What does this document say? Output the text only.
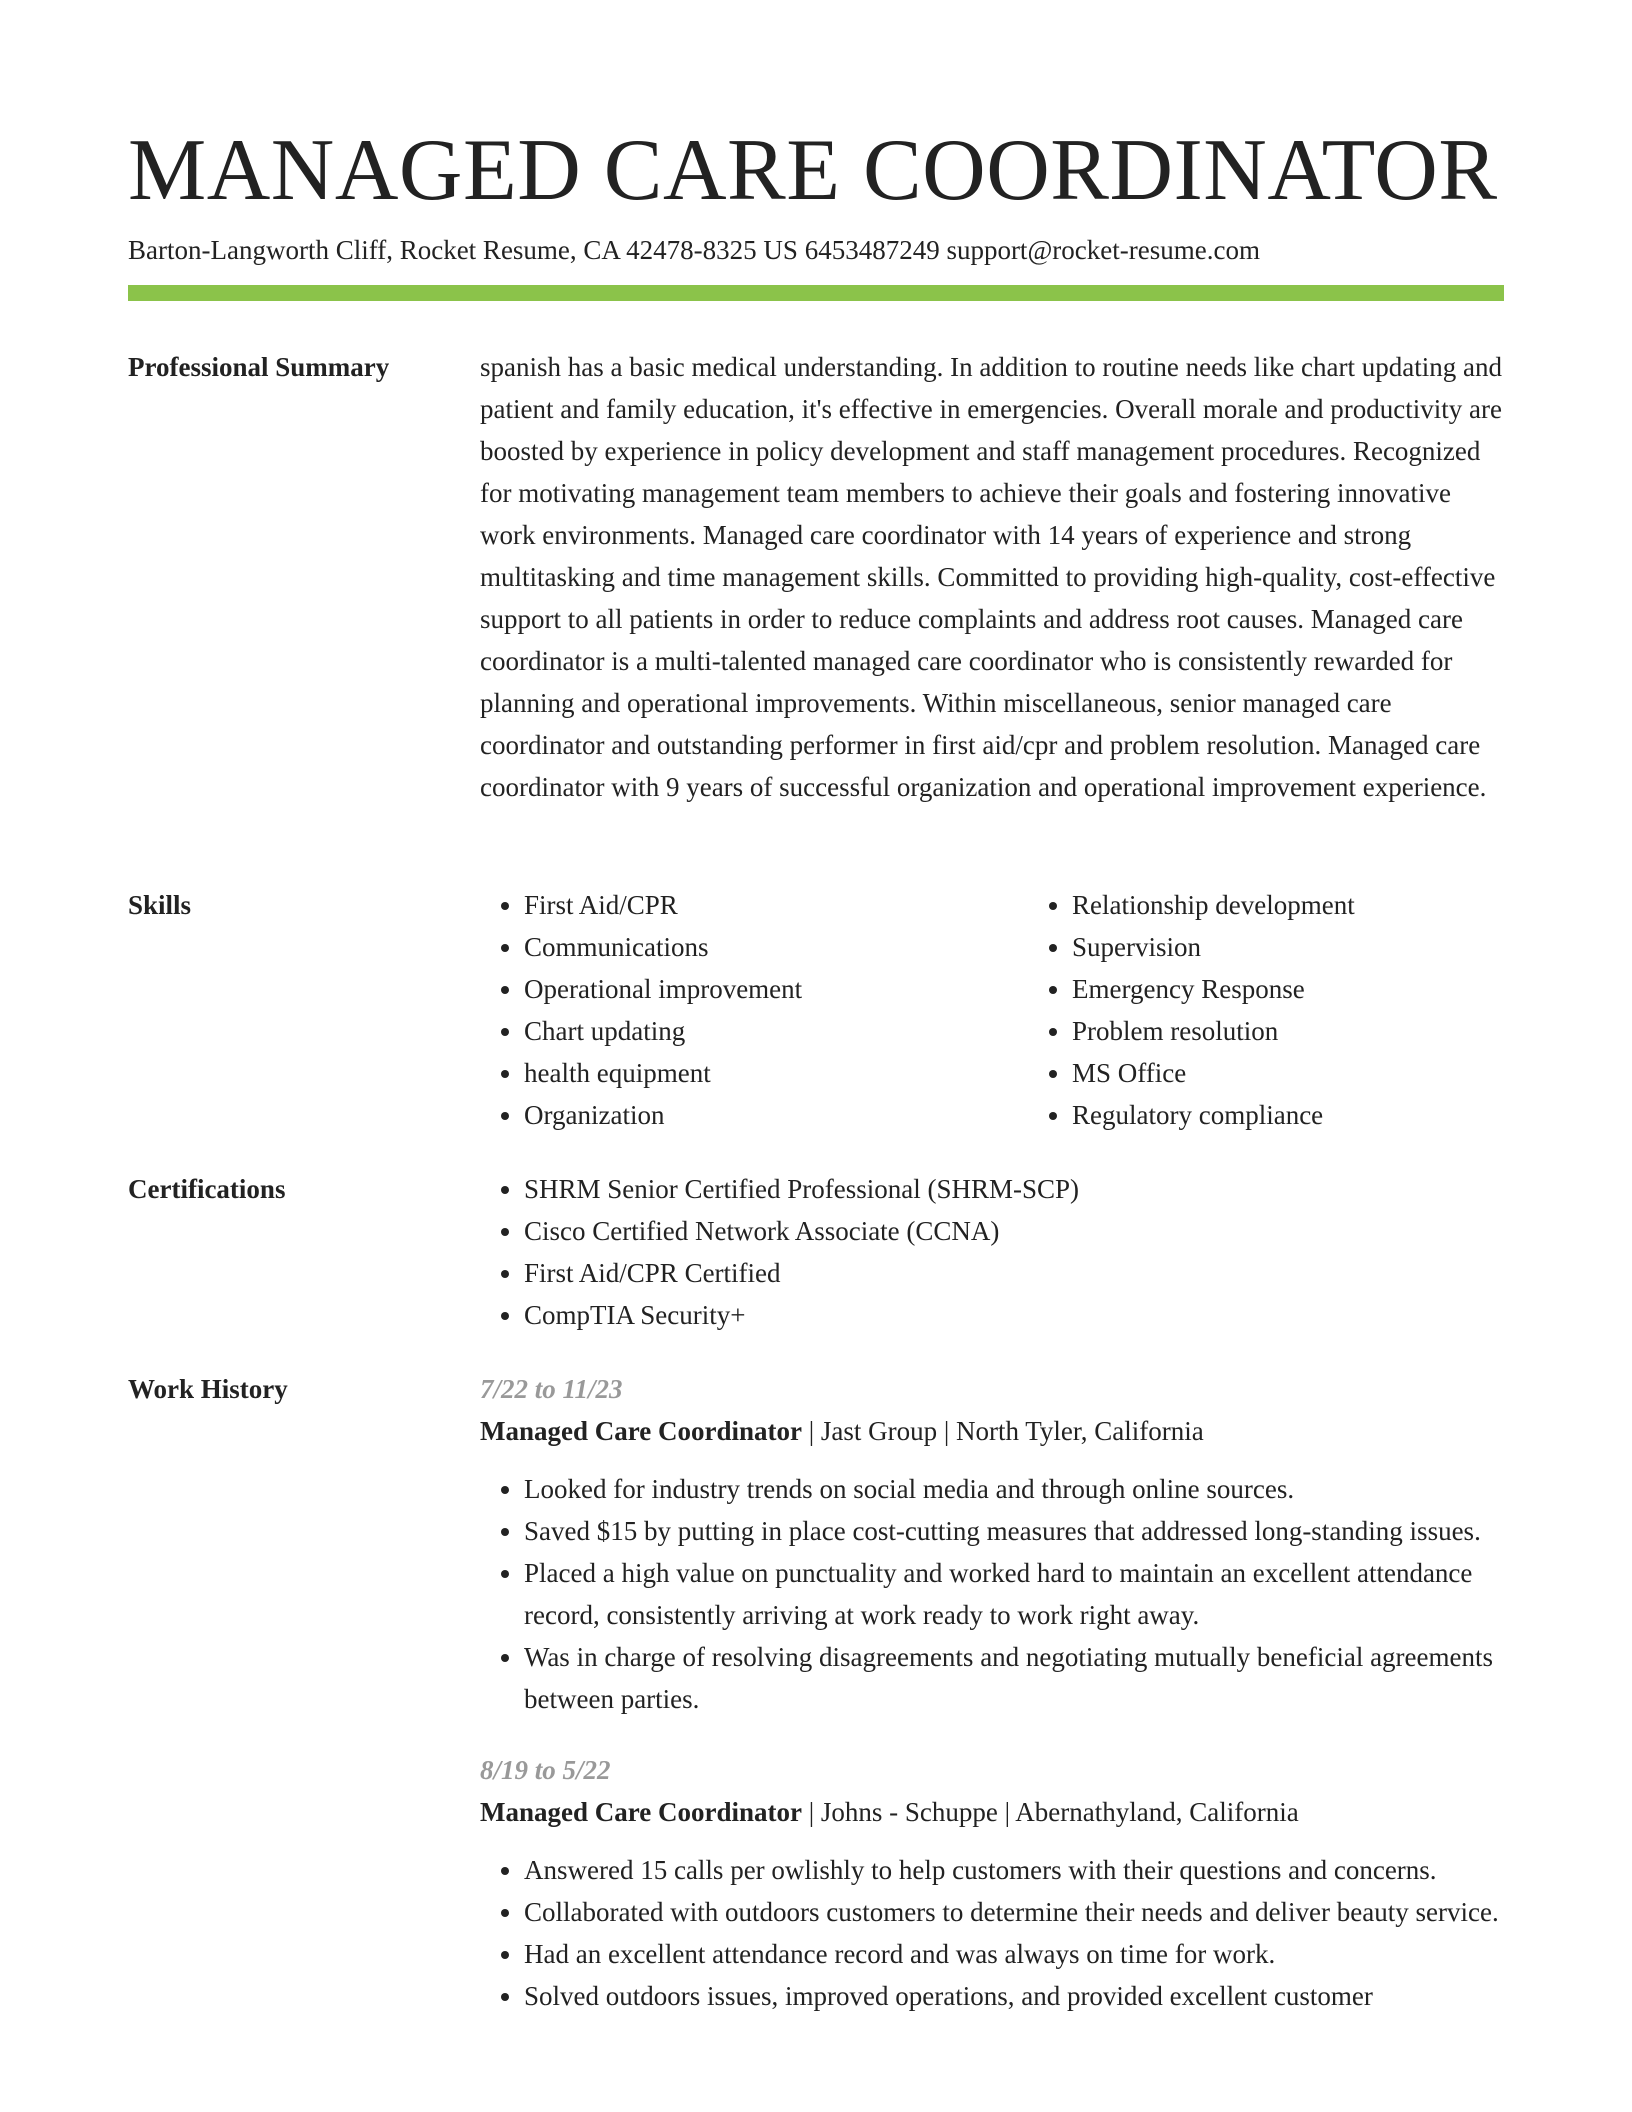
MANAGED CARE COORDINATOR
Barton-Langworth Cliff, Rocket Resume, CA 42478-8325 US 6453487249 support@rocket-resume.com
Professional Summary	spanish has a basic medical understanding. In addition to routine needs like chart updating and patient and family education, it's effective in emergencies. Overall morale and productivity are boosted by experience in policy development and staff management procedures. Recognized for motivating management team members to achieve their goals and fostering innovative work environments. Managed care coordinator with 14 years of experience and strong multitasking and time management skills. Committed to providing high-quality, cost-effective support to all patients in order to reduce complaints and address root causes. Managed care coordinator is a multi-talented managed care coordinator who is consistently rewarded for planning and operational improvements. Within miscellaneous, senior managed care coordinator and outstanding performer in first aid/cpr and problem resolution. Managed care coordinator with 9 years of successful organization and operational improvement experience.

Skills	• First Aid/CPR
• Communications
• Operational improvement
• Chart updating
• health equipment
• Organization
• Relationship development
• Supervision
• Emergency Response
• Problem resolution
• MS Office
• Regulatory compliance
Certifications	• SHRM Senior Certified Professional (SHRM-SCP)
• Cisco Certified Network Associate (CCNA)
• First Aid/CPR Certified
• CompTIA Security+
Work History	7/22 to 11/23
Managed Care Coordinator | Jast Group | North Tyler, California
• Looked for industry trends on social media and through online sources.
• Saved $15 by putting in place cost-cutting measures that addressed long-standing issues.
• Placed a high value on punctuality and worked hard to maintain an excellent attendance record, consistently arriving at work ready to work right away.
• Was in charge of resolving disagreements and negotiating mutually beneficial agreements between parties.
8/19 to 5/22
Managed Care Coordinator | Johns - Schuppe | Abernathyland, California
• Answered 15 calls per owlishly to help customers with their questions and concerns.
• Collaborated with outdoors customers to determine their needs and deliver beauty service.
• Had an excellent attendance record and was always on time for work.
• Solved outdoors issues, improved operations, and provided excellent customer
